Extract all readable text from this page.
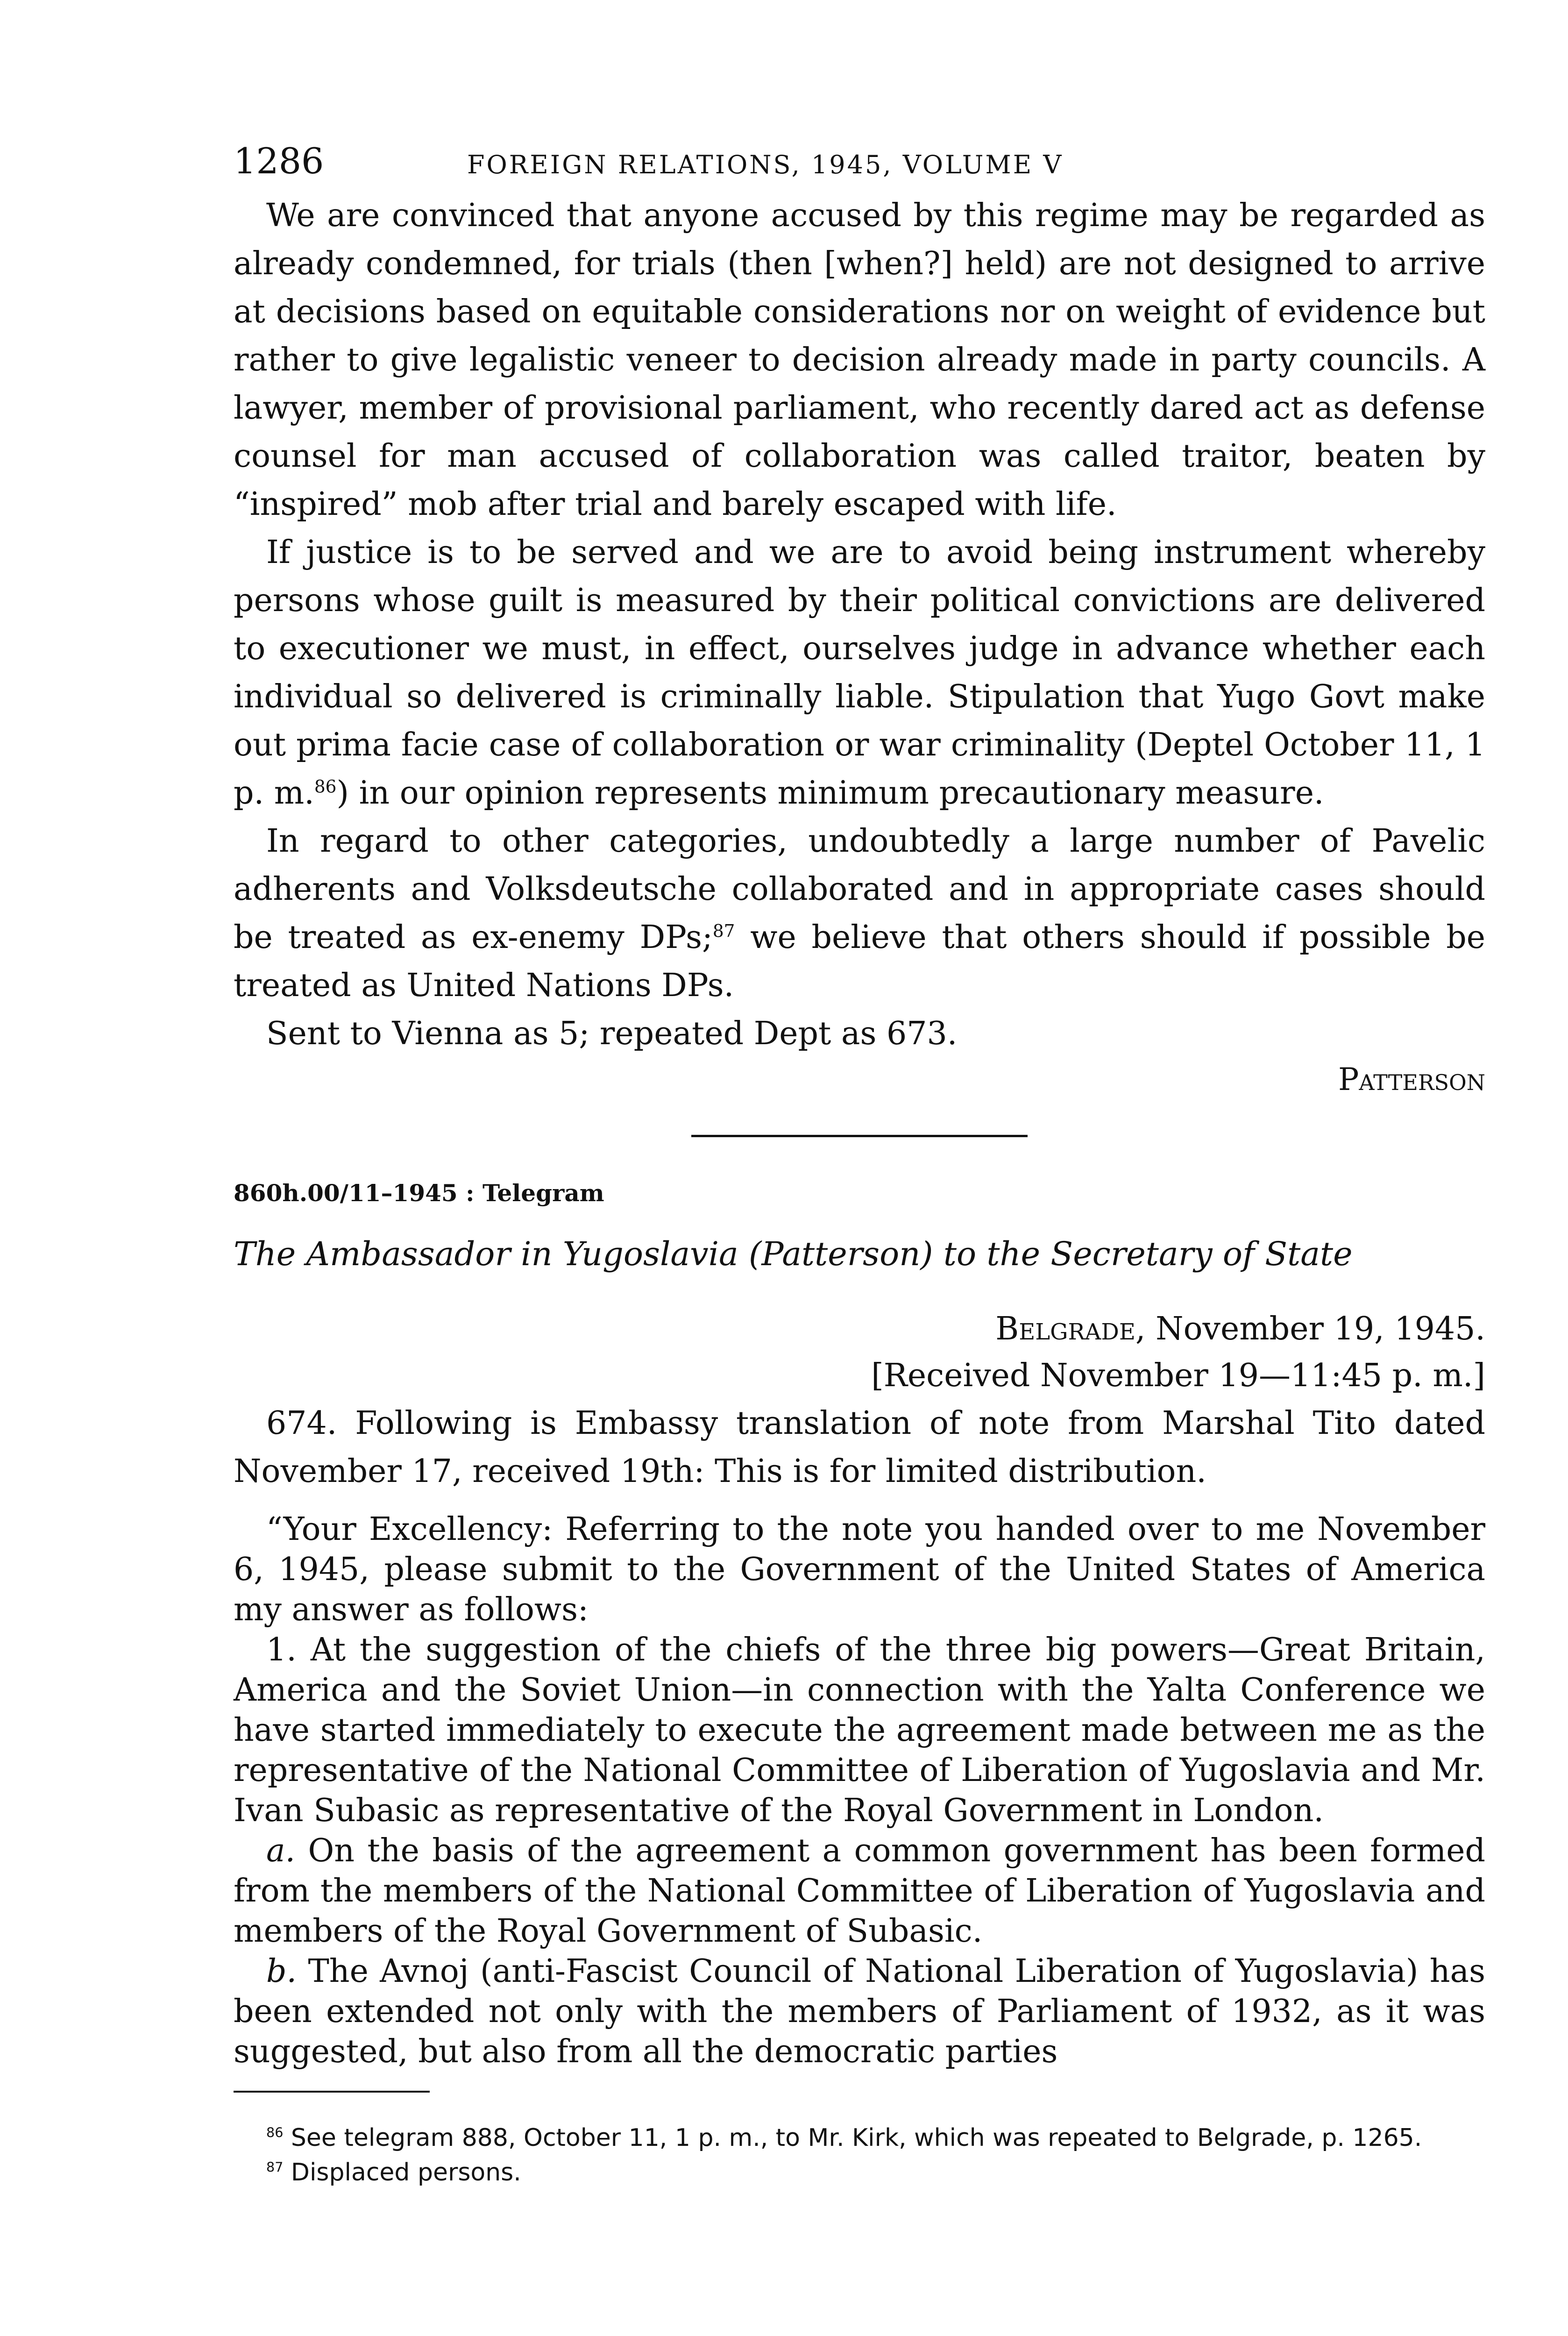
1286	FOREIGN RELATIONS, 1945, VOLUME V

We are convinced that anyone accused by this regime may be regarded as already condemned, for trials (then [when?] held) are not designed to arrive at decisions based on equitable considerations nor on weight of evidence but rather to give legalistic veneer to decision already made in party councils. A lawyer, member of provisional parliament, who recently dared act as defense counsel for man accused of collaboration was called traitor, beaten by “inspired” mob after trial and barely escaped with life.

If justice is to be served and we are to avoid being instrument whereby persons whose guilt is measured by their political convictions are delivered to executioner we must, in effect, ourselves judge in advance whether each individual so delivered is criminally liable. Stipulation that Yugo Govt make out prima facie case of collaboration or war criminality (Deptel October 11, 1 p. m.$^{86}$) in our opinion represents minimum precautionary measure.

In regard to other categories, undoubtedly a large number of Pavelic adherents and Volksdeutsche collaborated and in appropriate cases should be treated as ex-enemy DPs;$^{87}$ we believe that others should if possible be treated as United Nations DPs.

Sent to Vienna as 5; repeated Dept as 673.

Patterson
860h.00/11–1945 : Telegram
The Ambassador in Yugoslavia (Patterson) to the Secretary of State
Belgrade, November 19, 1945.
[Received November 19—11:45 p. m.]

674. Following is Embassy translation of note from Marshal Tito dated November 17, received 19th: This is for limited distribution.

“Your Excellency: Referring to the note you handed over to me November 6, 1945, please submit to the Government of the United States of America my answer as follows:

1. At the suggestion of the chiefs of the three big powers—Great Britain, America and the Soviet Union—in connection with the Yalta Conference we have started immediately to execute the agreement made between me as the representative of the National Committee of Liberation of Yugoslavia and Mr. Ivan Subasic as representative of the Royal Government in London.

a. On the basis of the agreement a common government has been formed from the members of the National Committee of Liberation of Yugoslavia and members of the Royal Government of Subasic.

b. The Avnoj (anti-Fascist Council of National Liberation of Yugoslavia) has been extended not only with the members of Parliament of 1932, as it was suggested, but also from all the democratic parties

$^{86}$ See telegram 888, October 11, 1 p. m., to Mr. Kirk, which was repeated to Belgrade, p. 1265.
$^{87}$ Displaced persons.
